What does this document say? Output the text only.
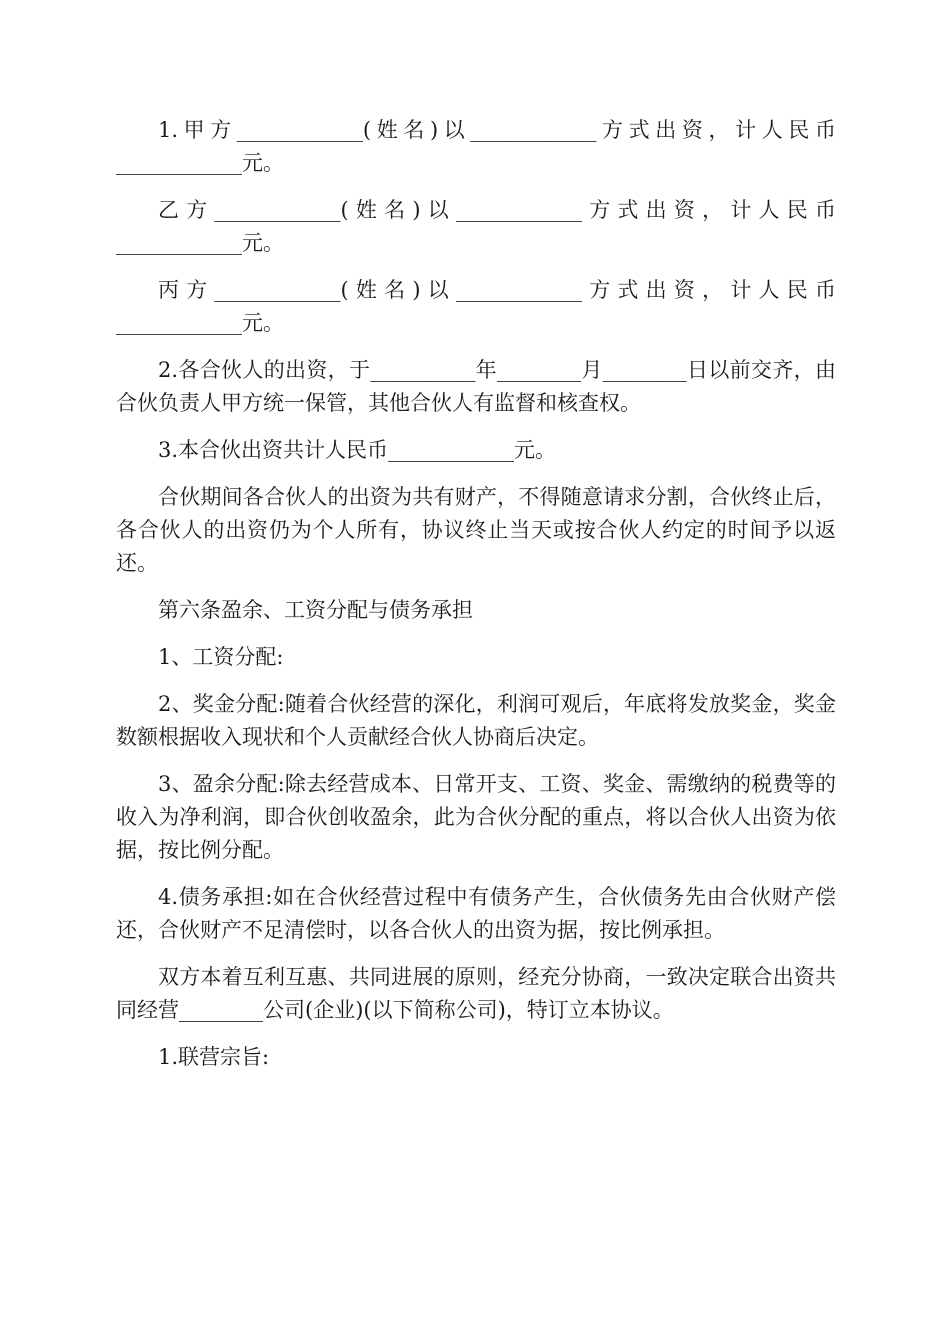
1.甲方____________(姓名)以____________方式出资，计人民币____________元。

乙方____________(姓名)以____________方式出资，计人民币____________元。

丙方____________(姓名)以____________方式出资，计人民币____________元。

2.各合伙人的出资，于__________年________月________日以前交齐，由合伙负责人甲方统一保管，其他合伙人有监督和核查权。

3.本合伙出资共计人民币____________元。

合伙期间各合伙人的出资为共有财产，不得随意请求分割，合伙终止后，各合伙人的出资仍为个人所有，协议终止当天或按合伙人约定的时间予以返还。

第六条盈余、工资分配与债务承担

1、工资分配:

2、奖金分配:随着合伙经营的深化，利润可观后，年底将发放奖金，奖金数额根据收入现状和个人贡献经合伙人协商后决定。

3、盈余分配:除去经营成本、日常开支、工资、奖金、需缴纳的税费等的收入为净利润，即合伙创收盈余，此为合伙分配的重点，将以合伙人出资为依据，按比例分配。

4.债务承担:如在合伙经营过程中有债务产生，合伙债务先由合伙财产偿还，合伙财产不足清偿时，以各合伙人的出资为据，按比例承担。

双方本着互利互惠、共同进展的原则，经充分协商，一致决定联合出资共同经营________公司(企业)(以下简称公司)，特订立本协议。

1.联营宗旨:
